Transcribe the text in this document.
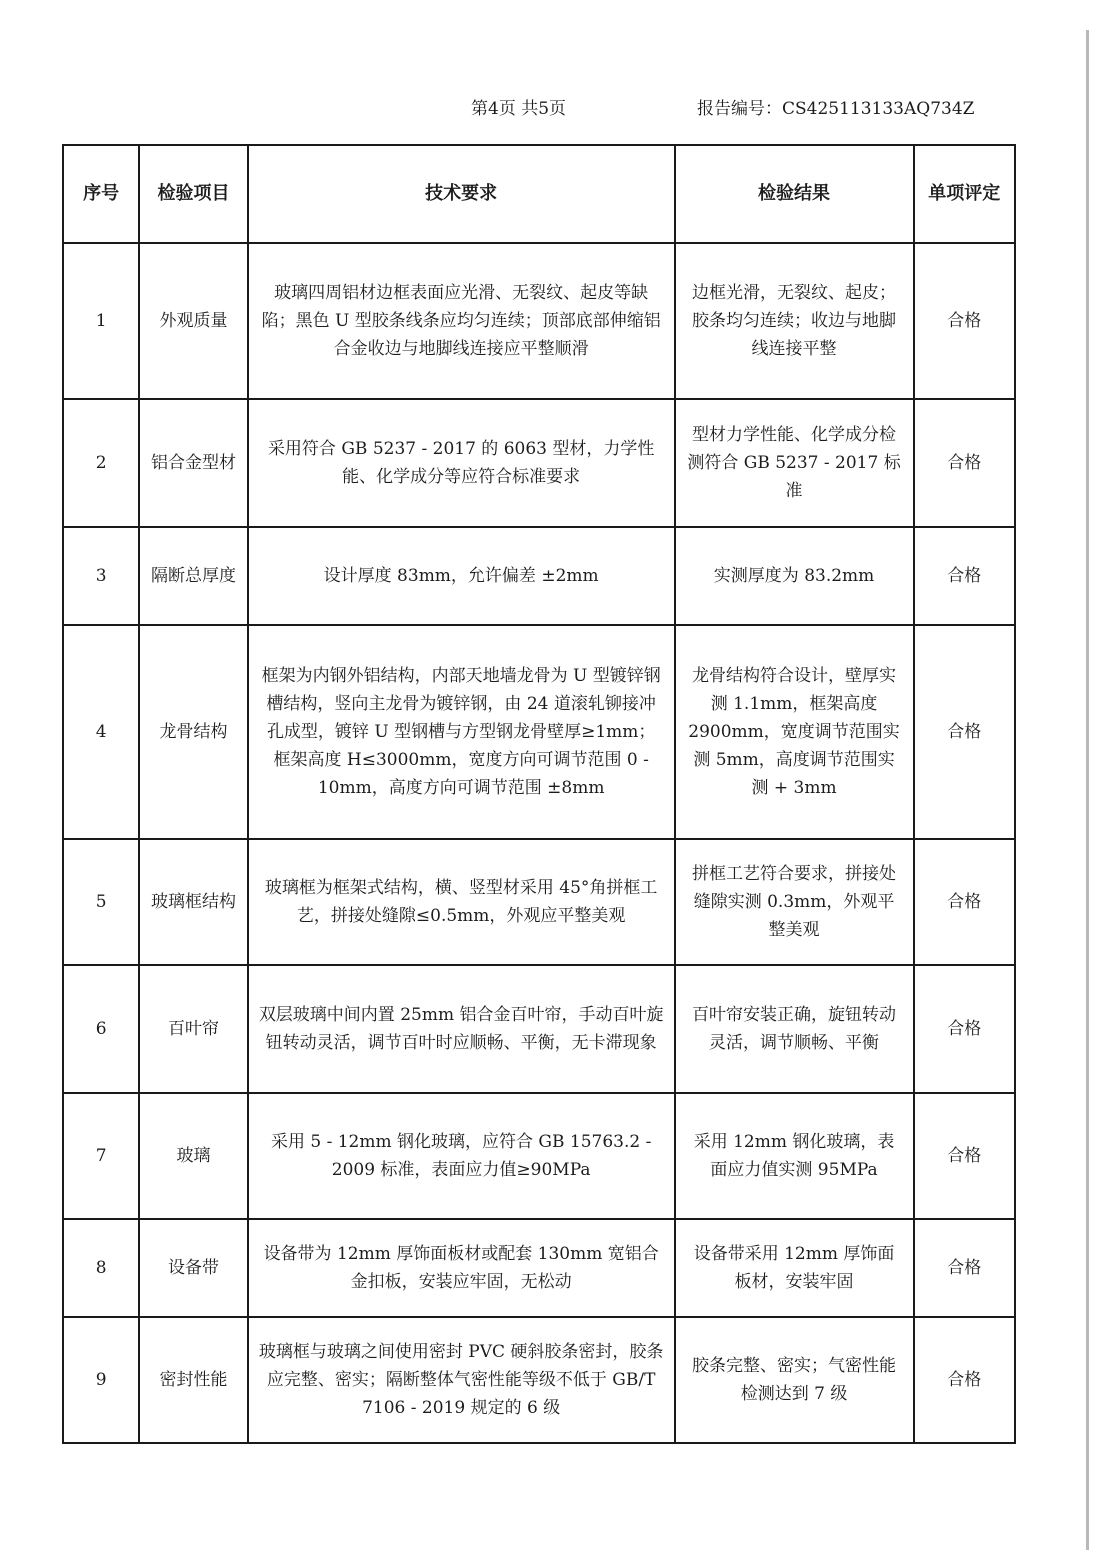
第4页 共5页	报告编号：CS425113133AQ734Z
序号	检验项目	技术要求	检验结果	单项评定
1	外观质量	玻璃四周铝材边框表面应光滑、无裂纹、起皮等缺陷；黑色 U 型胶条线条应均匀连续；顶部底部伸缩铝合金收边与地脚线连接应平整顺滑	边框光滑，无裂纹、起皮；胶条均匀连续；收边与地脚线连接平整	合格
2	铝合金型材	采用符合 GB 5237 - 2017 的 6063 型材，力学性能、化学成分等应符合标准要求	型材力学性能、化学成分检测符合 GB 5237 - 2017 标准	合格
3	隔断总厚度	设计厚度 83mm，允许偏差 ±2mm	实测厚度为 83.2mm	合格
4	龙骨结构	框架为内钢外铝结构，内部天地墙龙骨为 U 型镀锌钢槽结构，竖向主龙骨为镀锌钢，由 24 道滚轧铆接冲孔成型，镀锌 U 型钢槽与方型钢龙骨壁厚≥1mm；框架高度 H≤3000mm，宽度方向可调节范围 0 - 10mm，高度方向可调节范围 ±8mm	龙骨结构符合设计，壁厚实测 1.1mm，框架高度 2900mm，宽度调节范围实测 5mm，高度调节范围实测 + 3mm	合格
5	玻璃框结构	玻璃框为框架式结构，横、竖型材采用 45°角拼框工艺，拼接处缝隙≤0.5mm，外观应平整美观	拼框工艺符合要求，拼接处缝隙实测 0.3mm，外观平整美观	合格
6	百叶帘	双层玻璃中间内置 25mm 铝合金百叶帘，手动百叶旋钮转动灵活，调节百叶时应顺畅、平衡，无卡滞现象	百叶帘安装正确，旋钮转动灵活，调节顺畅、平衡	合格
7	玻璃	采用 5 - 12mm 钢化玻璃，应符合 GB 15763.2 - 2009 标准，表面应力值≥90MPa	采用 12mm 钢化玻璃，表面应力值实测 95MPa	合格
8	设备带	设备带为 12mm 厚饰面板材或配套 130mm 宽铝合金扣板，安装应牢固，无松动	设备带采用 12mm 厚饰面板材，安装牢固	合格
9	密封性能	玻璃框与玻璃之间使用密封 PVC 硬斜胶条密封，胶条应完整、密实；隔断整体气密性能等级不低于 GB/T 7106 - 2019 规定的 6 级	胶条完整、密实；气密性能检测达到 7 级	合格
